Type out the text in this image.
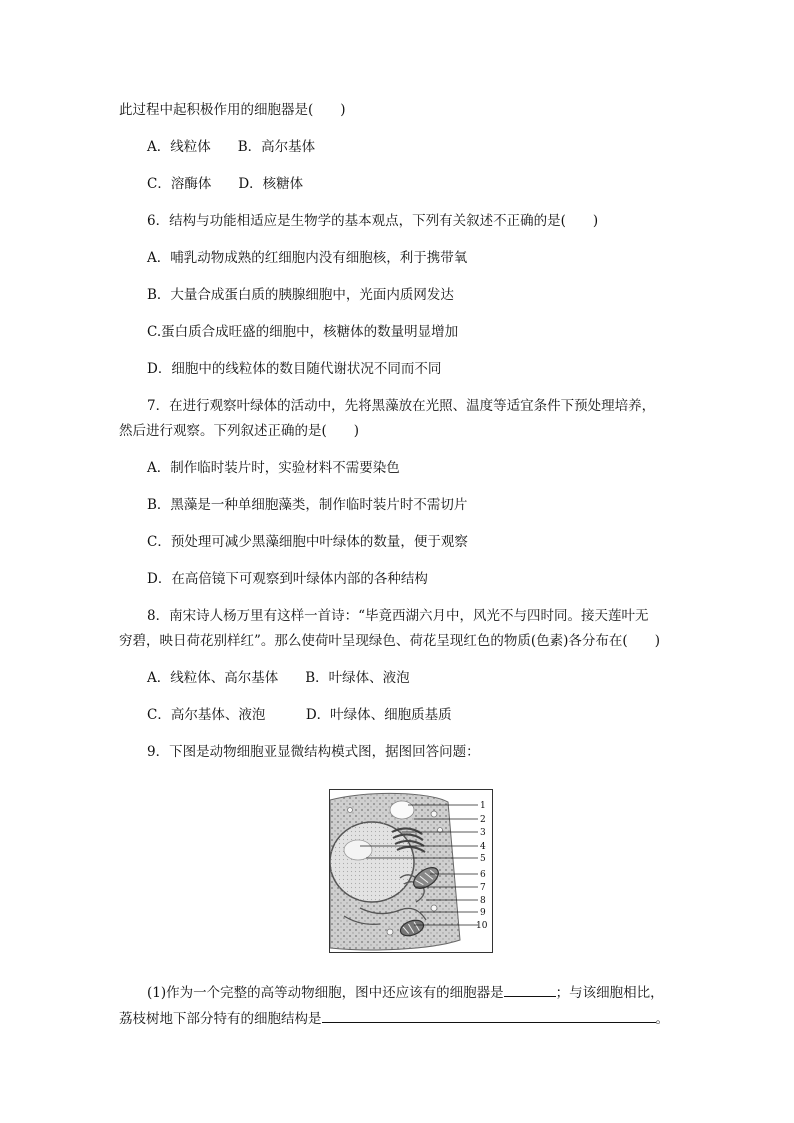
此过程中起积极作用的细胞器是(　　)
A．线粒体　　B．高尔基体
C．溶酶体　　D．核糖体
6．结构与功能相适应是生物学的基本观点，下列有关叙述不正确的是(　　)
A．哺乳动物成熟的红细胞内没有细胞核，利于携带氧
B．大量合成蛋白质的胰腺细胞中，光面内质网发达
C.蛋白质合成旺盛的细胞中，核糖体的数量明显增加
D．细胞中的线粒体的数目随代谢状况不同而不同
7．在进行观察叶绿体的活动中，先将黑藻放在光照、温度等适宜条件下预处理培养，
然后进行观察。下列叙述正确的是(　　)
A．制作临时装片时，实验材料不需要染色
B．黑藻是一种单细胞藻类，制作临时装片时不需切片
C．预处理可减少黑藻细胞中叶绿体的数量，便于观察
D．在高倍镜下可观察到叶绿体内部的各种结构
8．南宋诗人杨万里有这样一首诗：“毕竟西湖六月中，风光不与四时同。接天莲叶无
穷碧，映日荷花别样红”。那么使荷叶呈现绿色、荷花呈现红色的物质(色素)各分布在(　　)
A．线粒体、高尔基体　　B．叶绿体、液泡
C．高尔基体、液泡　　　D．叶绿体、细胞质基质
9．下图是动物细胞亚显微结构模式图，据图回答问题：
1
2
3
4
5
6
7
8
9
10
(1)作为一个完整的高等动物细胞，图中还应该有的细胞器是	；与该细胞相比，
荔枝树地下部分特有的细胞结构是	。
